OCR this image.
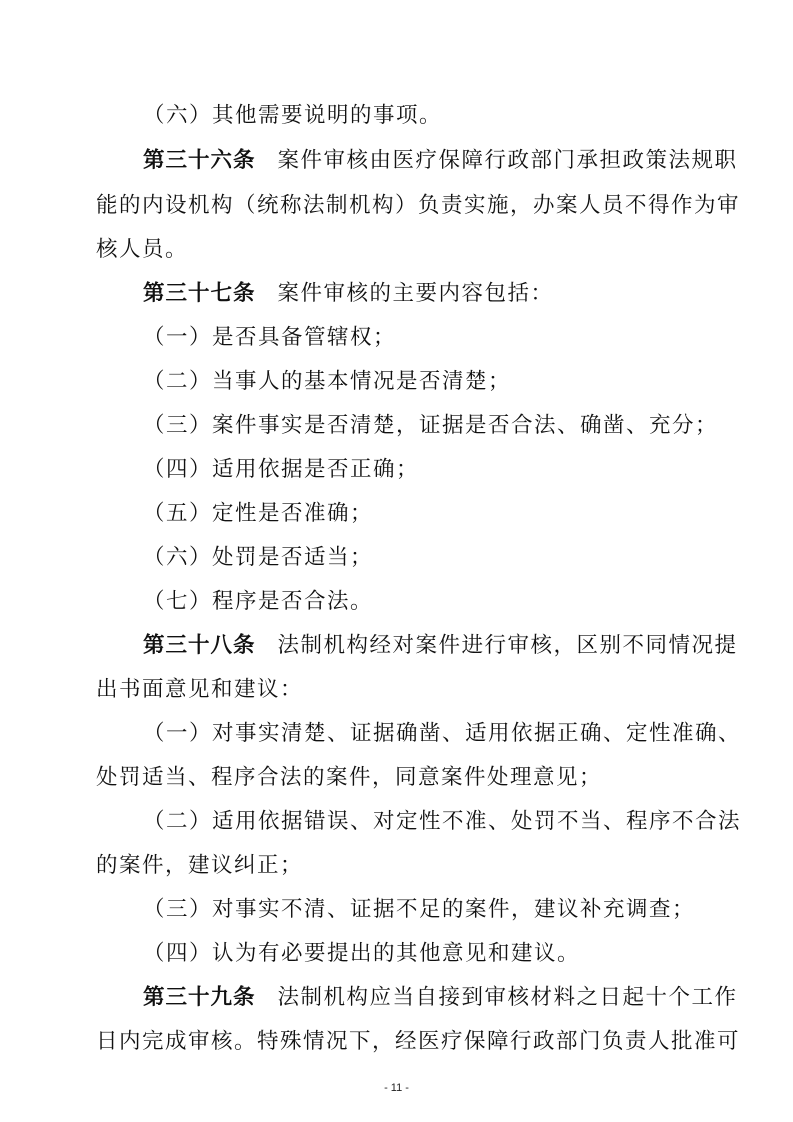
（六）其他需要说明的事项。
第三十六条 案件审核由医疗保障行政部门承担政策法规职
能的内设机构（统称法制机构）负责实施，办案人员不得作为审
核人员。
第三十七条 案件审核的主要内容包括：
（一）是否具备管辖权；
（二）当事人的基本情况是否清楚；
（三）案件事实是否清楚，证据是否合法、确凿、充分；
（四）适用依据是否正确；
（五）定性是否准确；
（六）处罚是否适当；
（七）程序是否合法。
第三十八条 法制机构经对案件进行审核，区别不同情况提
出书面意见和建议：
（一）对事实清楚、证据确凿、适用依据正确、定性准确、
处罚适当、程序合法的案件，同意案件处理意见；
（二）适用依据错误、对定性不准、处罚不当、程序不合法
的案件，建议纠正；
（三）对事实不清、证据不足的案件，建议补充调查；
（四）认为有必要提出的其他意见和建议。
第三十九条 法制机构应当自接到审核材料之日起十个工作
日内完成审核。特殊情况下，经医疗保障行政部门负责人批准可
- 11 -
